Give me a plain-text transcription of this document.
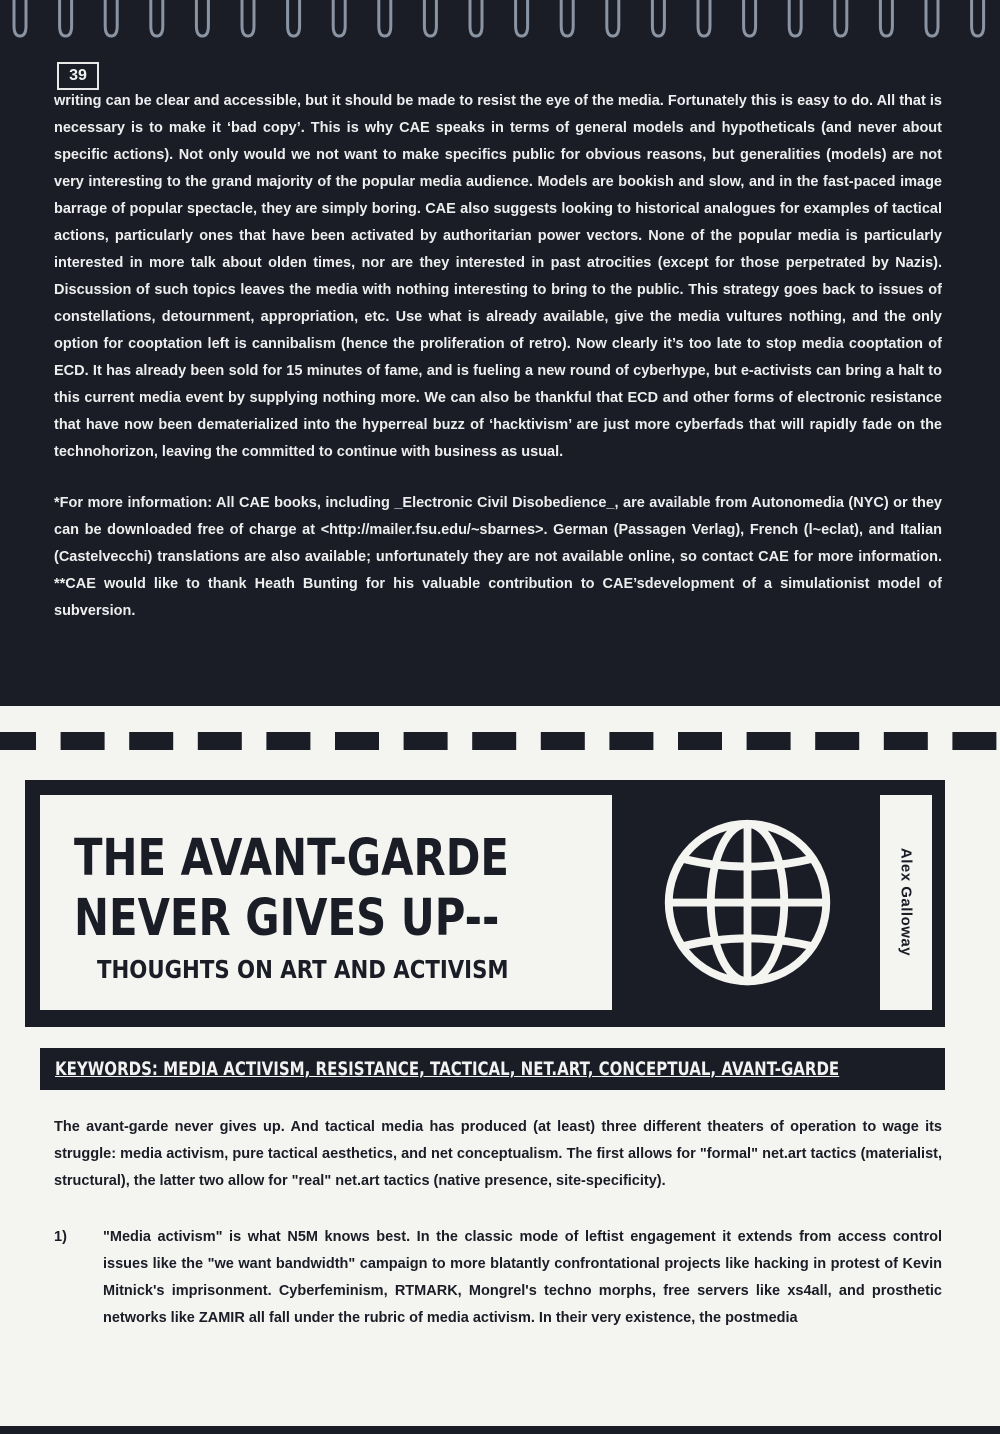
39

writing can be clear and accessible, but it should be made to resist the eye of the media. Fortunately this is easy to do. All that is necessary is to make it ‘bad copy’. This is why CAE speaks in terms of general models and hypotheticals (and never about specific actions). Not only would we not want to make specifics public for obvious reasons, but generalities (models) are not very interesting to the grand majority of the popular media audience. Models are bookish and slow, and in the fast-paced image barrage of popular spectacle, they are simply boring. CAE also suggests looking to historical analogues for examples of tactical actions, particularly ones that have been activated by authoritarian power vectors. None of the popular media is particularly interested in more talk about olden times, nor are they interested in past atrocities (except for those perpetrated by Nazis). Discussion of such topics leaves the media with nothing interesting to bring to the public. This strategy goes back to issues of constellations, detournment, appropriation, etc. Use what is already available, give the media vultures nothing, and the only option for cooptation left is cannibalism (hence the proliferation of retro). Now clearly it’s too late to stop media cooptation of ECD. It has already been sold for 15 minutes of fame, and is fueling a new round of cyberhype, but e-activists can bring a halt to this current media event by supplying nothing more. We can also be thankful that ECD and other forms of electronic resistance that have now been dematerialized into the hyperreal buzz of ‘hacktivism’ are just more cyberfads that will rapidly fade on the technohorizon, leaving the committed to continue with business as usual.

*For more information: All CAE books, including _Electronic Civil Disobedience_, are available from Autonomedia (NYC) or they can be downloaded free of charge at <http://mailer.fsu.edu/~sbarnes>. German (Passagen Verlag), French (l~eclat), and Italian (Castelvecchi) translations are also available; unfortunately they are not available online, so contact CAE for more information. **CAE would like to thank Heath Bunting for his valuable contribution to CAE’sdevelopment of a simulationist model of subversion.

THE AVANT-GARDE
NEVER GIVES UP--
THOUGHTS ON ART AND ACTIVISM
Alex Galloway
KEYWORDS: MEDIA ACTIVISM, RESISTANCE, TACTICAL, NET.ART, CONCEPTUAL, AVANT-GARDE

The avant-garde never gives up. And tactical media has produced (at least) three different theaters of operation to wage its struggle: media activism, pure tactical aesthetics, and net conceptualism. The first allows for "formal" net.art tactics (materialist, structural), the latter two allow for "real" net.art tactics (native presence, site-specificity).

1) "Media activism" is what N5M knows best. In the classic mode of leftist engagement it extends from access control issues like the "we want bandwidth" campaign to more blatantly confrontational projects like hacking in protest of Kevin Mitnick's imprisonment. Cyberfeminism, RTMARK, Mongrel's techno morphs, free servers like xs4all, and prosthetic networks like ZAMIR all fall under the rubric of media activism. In their very existence, the postmedia
